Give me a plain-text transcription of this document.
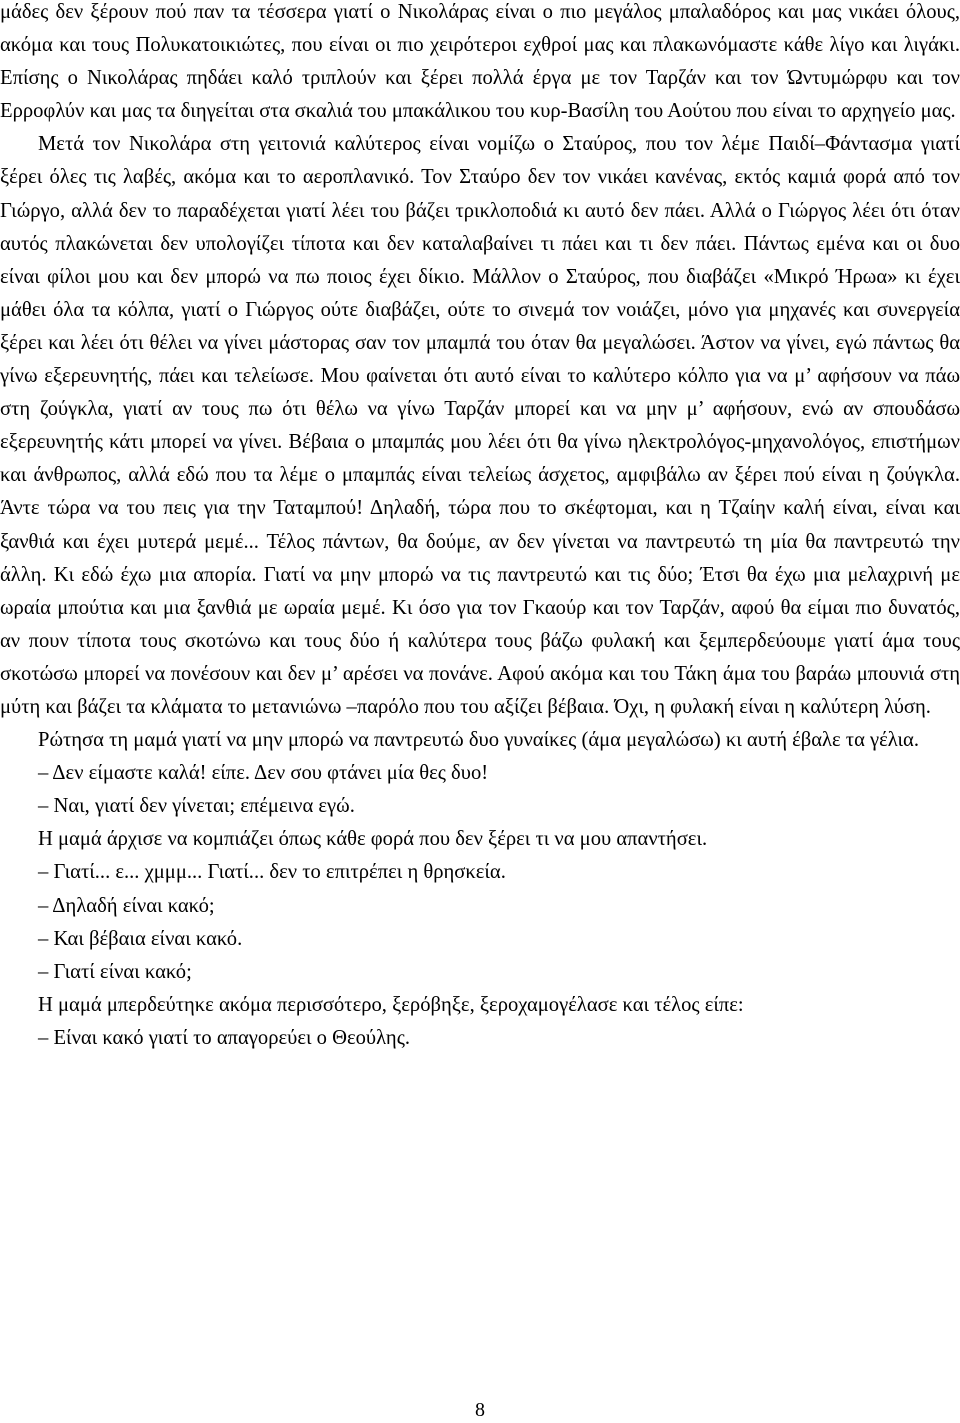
μάδες δεν ξέρουν πού παν τα τέσσερα γιατί ο Νικολάρας είναι ο πιο μεγάλος μπαλαδόρος και μας νικάει όλους, ακόμα και τους Πολυκατοικιώτες, που είναι οι πιο χειρότεροι εχθροί μας και πλακωνόμαστε κάθε λίγο και λιγάκι. Επίσης ο Νικολάρας πηδάει καλό τριπλούν και ξέρει πολλά έργα με τον Ταρζάν και τον Ώντυμώρφυ και τον Ερροφλύν και μας τα διηγείται στα σκαλιά του μπακάλικου του κυρ-Βασίλη του Αούτου που είναι το αρχηγείο μας.

Μετά τον Νικολάρα στη γειτονιά καλύτερος είναι νομίζω ο Σταύρος, που τον λέμε Παιδί–Φάντασμα γιατί ξέρει όλες τις λαβές, ακόμα και το αεροπλανικό. Τον Σταύρο δεν τον νικάει κανένας, εκτός καμιά φορά από τον Γιώργο, αλλά δεν το παραδέχεται γιατί λέει του βάζει τρικλοποδιά κι αυτό δεν πάει. Αλλά ο Γιώργος λέει ότι όταν αυτός πλακώνεται δεν υπολογίζει τίποτα και δεν καταλαβαίνει τι πάει και τι δεν πάει. Πάντως εμένα και οι δυο είναι φίλοι μου και δεν μπορώ να πω ποιος έχει δίκιο. Μάλλον ο Σταύρος, που διαβάζει «Μικρό Ήρωα» κι έχει μάθει όλα τα κόλπα, γιατί ο Γιώργος ούτε διαβάζει, ούτε το σινεμά τον νοιάζει, μόνο για μηχανές και συνεργεία ξέρει και λέει ότι θέλει να γίνει μάστορας σαν τον μπαμπά του όταν θα μεγαλώσει. Άστον να γίνει, εγώ πάντως θα γίνω εξερευνητής, πάει και τελείωσε. Μου φαίνεται ότι αυτό είναι το καλύτερο κόλπο για να μ’ αφήσουν να πάω στη ζούγκλα, γιατί αν τους πω ότι θέλω να γίνω Ταρζάν μπορεί και να μην μ’ αφήσουν, ενώ αν σπουδάσω εξερευνητής κάτι μπορεί να γίνει. Βέβαια ο μπαμπάς μου λέει ότι θα γίνω ηλεκτρολόγος-μηχανολόγος, επιστήμων και άνθρωπος, αλλά εδώ που τα λέμε ο μπαμπάς είναι τελείως άσχετος, αμφιβάλω αν ξέρει πού είναι η ζούγκλα. Άντε τώρα να του πεις για την Ταταμπού! Δηλαδή, τώρα που το σκέφτομαι, και η Τζαίην καλή είναι, είναι και ξανθιά και έχει μυτερά μεμέ... Τέλος πάντων, θα δούμε, αν δεν γίνεται να παντρευτώ τη μία θα παντρευτώ την άλλη. Κι εδώ έχω μια απορία. Γιατί να μην μπορώ να τις παντρευτώ και τις δύο; Έτσι θα έχω μια μελαχρινή με ωραία μπούτια και μια ξανθιά με ωραία μεμέ. Κι όσο για τον Γκαούρ και τον Ταρζάν, αφού θα είμαι πιο δυνατός, αν πουν τίποτα τους σκοτώνω και τους δύο ή καλύτερα τους βάζω φυλακή και ξεμπερδεύουμε γιατί άμα τους σκοτώσω μπορεί να πονέσουν και δεν μ’ αρέσει να πονάνε. Αφού ακόμα και του Τάκη άμα του βαράω μπουνιά στη μύτη και βάζει τα κλάματα το μετανιώνω –παρόλο που του αξίζει βέβαια. Όχι, η φυλακή είναι η καλύτερη λύση.

Ρώτησα τη μαμά γιατί να μην μπορώ να παντρευτώ δυο γυναίκες (άμα μεγαλώσω) κι αυτή έβαλε τα γέλια.

– Δεν είμαστε καλά! είπε. Δεν σου φτάνει μία θες δυο!

– Ναι, γιατί δεν γίνεται; επέμεινα εγώ.

Η μαμά άρχισε να κομπιάζει όπως κάθε φορά που δεν ξέρει τι να μου απαντήσει.

– Γιατί... ε... χμμμ... Γιατί... δεν το επιτρέπει η θρησκεία.

– Δηλαδή είναι κακό;

– Και βέβαια είναι κακό.

– Γιατί είναι κακό;

Η μαμά μπερδεύτηκε ακόμα περισσότερο, ξερόβηξε, ξεροχαμογέλασε και τέλος είπε:

– Είναι κακό γιατί το απαγορεύει ο Θεούλης.

8
